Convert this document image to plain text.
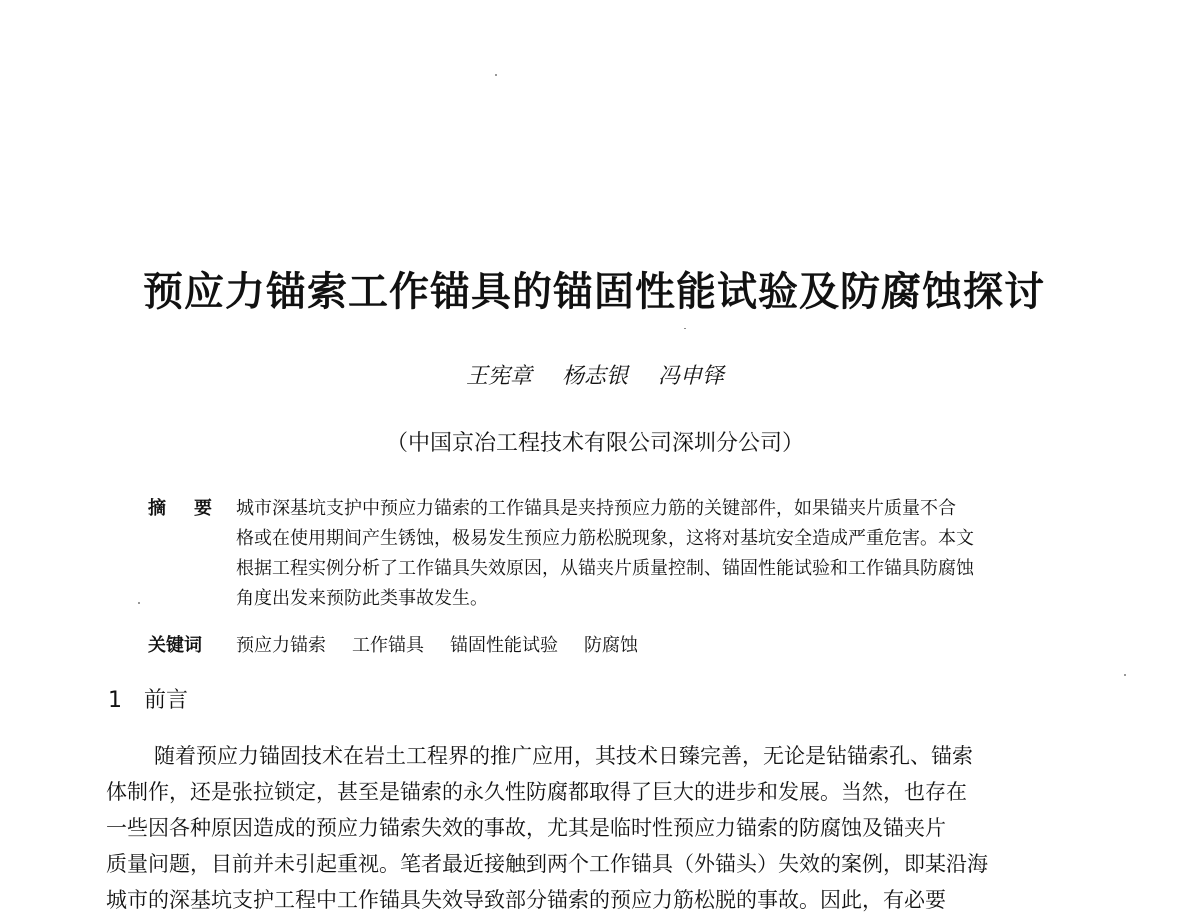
预应力锚索工作锚具的锚固性能试验及防腐蚀探讨
王宪章 杨志银 冯申铎
（中国京冶工程技术有限公司深圳分公司）
摘要
城市深基坑支护中预应力锚索的工作锚具是夹持预应力筋的关键部件，如果锚夹片质量不合
格或在使用期间产生锈蚀，极易发生预应力筋松脱现象，这将对基坑安全造成严重危害。本文
根据工程实例分析了工作锚具失效原因，从锚夹片质量控制、锚固性能试验和工作锚具防腐蚀
角度出发来预防此类事故发生。
关键词 预应力锚索 工作锚具 锚固性能试验 防腐蚀
1 前言
随着预应力锚固技术在岩土工程界的推广应用，其技术日臻完善，无论是钻锚索孔、锚索
体制作，还是张拉锁定，甚至是锚索的永久性防腐都取得了巨大的进步和发展。当然，也存在
一些因各种原因造成的预应力锚索失效的事故，尤其是临时性预应力锚索的防腐蚀及锚夹片
质量问题，目前并未引起重视。笔者最近接触到两个工作锚具（外锚头）失效的案例，即某沿海
城市的深基坑支护工程中工作锚具失效导致部分锚索的预应力筋松脱的事故。因此，有必要
